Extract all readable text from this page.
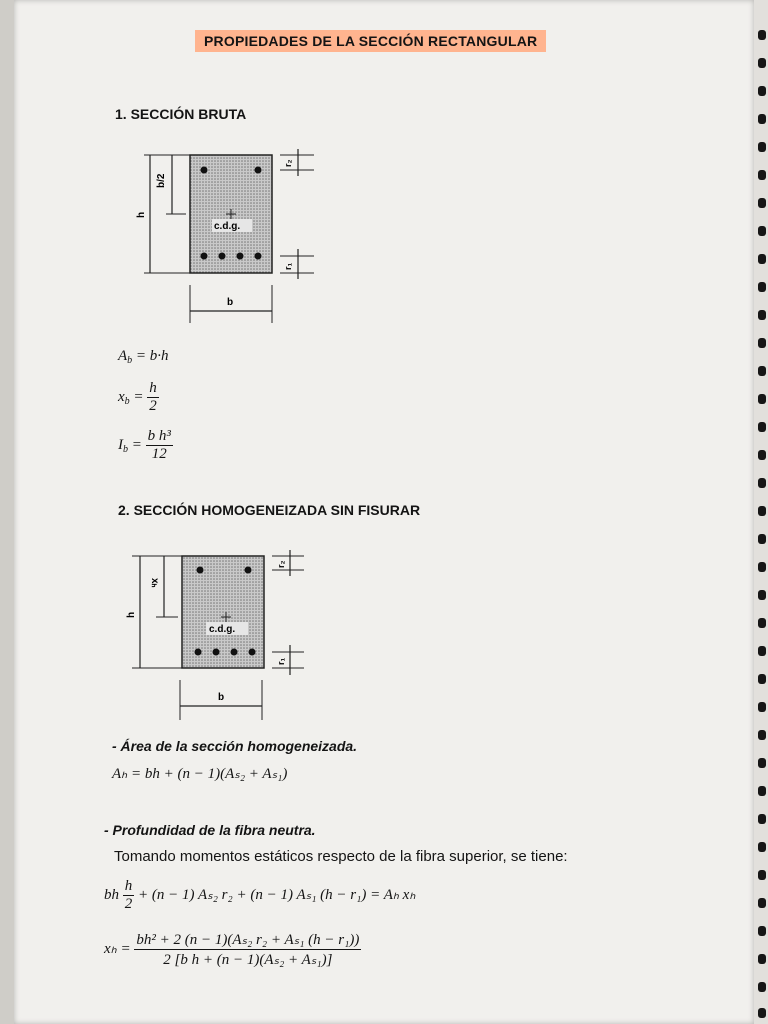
PROPIEDADES DE LA SECCIÓN RECTANGULAR
1. SECCIÓN BRUTA
c.d.g.
h
b/2
b
r₂
r₁
$A_b = b\cdot h$
$x_b = \frac{h}{2}$
$I_b = \frac{\text{b h³}}{12}$
2. SECCIÓN HOMOGENEIZADA SIN FISURAR
c.d.g.
h
xₕ
b
r₂
r₁
- Área de la sección homogeneizada.
Aₕ = bh + (n − 1)(Aₛ₂ + Aₛ₁)
- Profundidad de la fibra neutra.
Tomando momentos estáticos respecto de la fibra superior, se tiene:
bh $\frac{h}{2} + (n - 1)$ Aₛ₂ r₂ + (n − 1) Aₛ₁ (h − r₁) = Aₕ xₕ
$x_h = \frac{\text{bh² + 2 (n − 1)(Aₛ₂ r₂ + Aₛ₁ (h − r₁))}}{\text{2 [b h + (n − 1)(Aₛ₂ + Aₛ₁)]}}$
